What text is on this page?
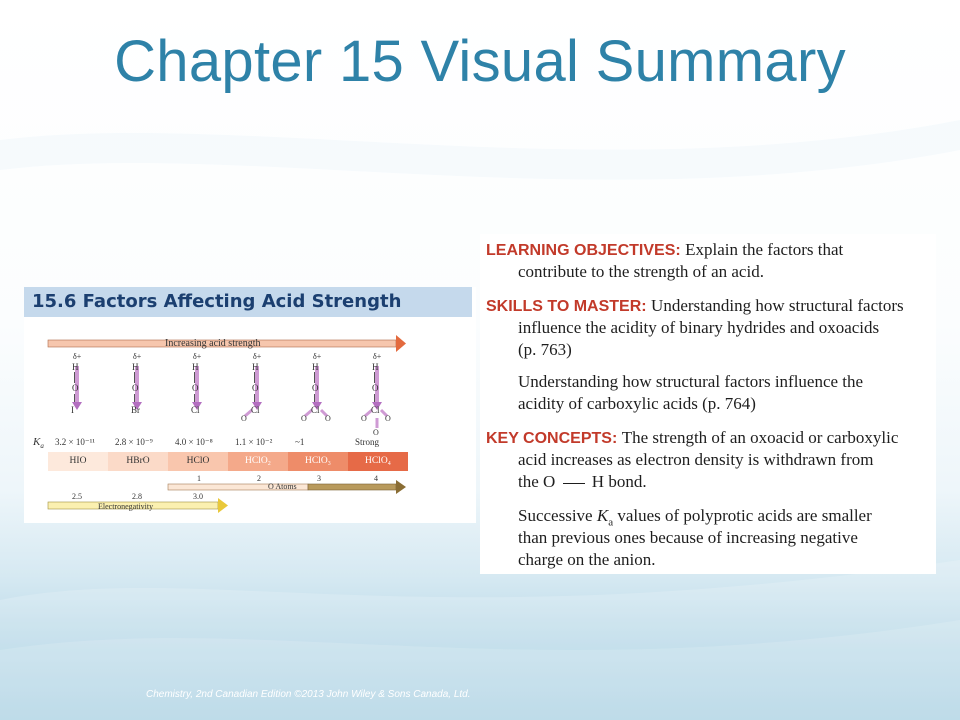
Chapter 15 Visual Summary
15.6 Factors Affecting Acid Strength
Increasing acid strength
δ+
H
O
I
δ+
H
O
Br
δ+
H
O
Cl
δ+
H
O
Cl
O
δ+
H
O
Cl
O O
δ+
H
O
Cl
O O
O
$K_a$ 3.2 × 10⁻¹¹ 2.8 × 10⁻⁹ 4.0 × 10⁻⁸ 1.1 × 10⁻²	~1	Strong
HIO	HBrO	HClO	HClO₂	HClO₃	HClO₄
1	2	3	4
O Atoms
2.5	2.8	3.0
Electronegativity
LEARNING OBJECTIVES: Explain the factors that
contribute to the strength of an acid.
SKILLS TO MASTER: Understanding how structural factors
influence the acidity of binary hydrides and oxoacids
(p. 763)
Understanding how structural factors influence the
acidity of carboxylic acids (p. 764)
KEY CONCEPTS: The strength of an oxoacid or carboxylic
acid increases as electron density is withdrawn from
the O H bond.
Successive $K_a$ values of polyprotic acids are smaller
than previous ones because of increasing negative
charge on the anion.
Chemistry, 2nd Canadian Edition ©2013 John Wiley & Sons Canada, Ltd.
